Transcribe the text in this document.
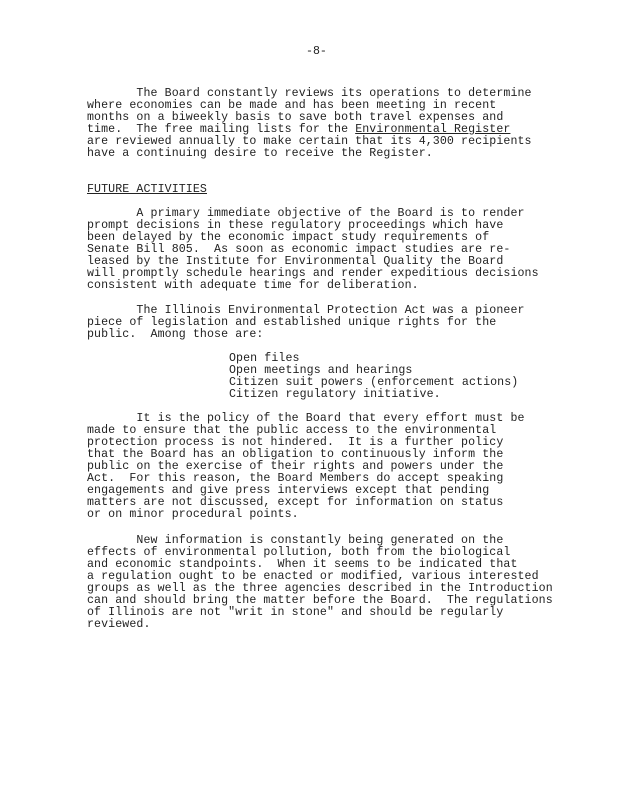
-8-
The Board constantly reviews its operations to determine
where economies can be made and has been meeting in recent
months on a biweekly basis to save both travel expenses and
time.  The free mailing lists for the Environmental Register
are reviewed annually to make certain that its 4,300 recipients
have a continuing desire to receive the Register.
FUTURE ACTIVITIES
A primary immediate objective of the Board is to render
prompt decisions in these regulatory proceedings which have
been delayed by the economic impact study requirements of
Senate Bill 805.  As soon as economic impact studies are re-
leased by the Institute for Environmental Quality the Board
will promptly schedule hearings and render expeditious decisions
consistent with adequate time for deliberation.
The Illinois Environmental Protection Act was a pioneer
piece of legislation and established unique rights for the
public.  Among those are:
Open files
Open meetings and hearings
Citizen suit powers (enforcement actions)
Citizen regulatory initiative.
It is the policy of the Board that every effort must be
made to ensure that the public access to the environmental
protection process is not hindered.  It is a further policy
that the Board has an obligation to continuously inform the
public on the exercise of their rights and powers under the
Act.  For this reason, the Board Members do accept speaking
engagements and give press interviews except that pending
matters are not discussed, except for information on status
or on minor procedural points.
New information is constantly being generated on the
effects of environmental pollution, both from the biological
and economic standpoints.  When it seems to be indicated that
a regulation ought to be enacted or modified, various interested
groups as well as the three agencies described in the Introduction
can and should bring the matter before the Board.  The regulations
of Illinois are not "writ in stone" and should be regularly
reviewed.
